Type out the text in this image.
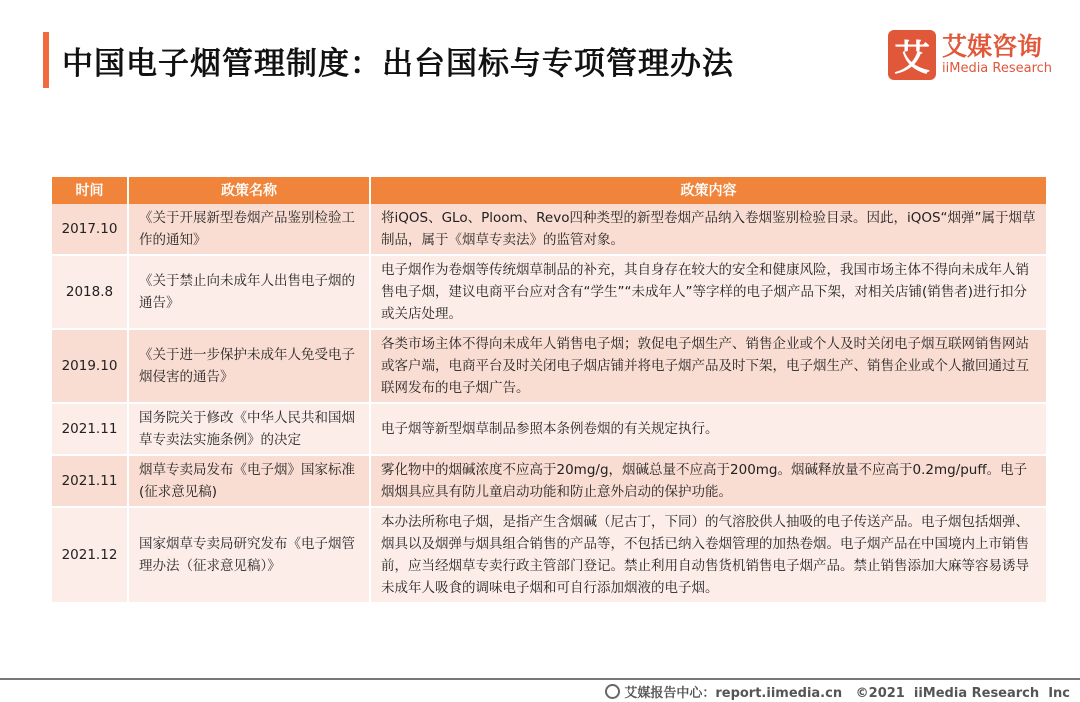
中国电子烟管理制度：出台国标与专项管理办法	艾 艾媒咨询
iiMedia Research
时间	政策名称	政策内容
2017.10	《关于开展新型卷烟产品鉴别检验工作的通知》	将iQOS、GLo、Ploom、Revo四种类型的新型卷烟产品纳入卷烟鉴别检验目录。因此，iQOS“烟弹”属于烟草制品，属于《烟草专卖法》的监管对象。
2018.8	《关于禁止向未成年人出售电子烟的通告》	电子烟作为卷烟等传统烟草制品的补充，其自身存在较大的安全和健康风险，我国市场主体不得向未成年人销售电子烟，建议电商平台应对含有“学生”“未成年人”等字样的电子烟产品下架，对相关店铺(销售者)进行扣分或关店处理。
2019.10	《关于进一步保护未成年人免受电子烟侵害的通告》	各类市场主体不得向未成年人销售电子烟；敦促电子烟生产、销售企业或个人及时关闭电子烟互联网销售网站或客户端，电商平台及时关闭电子烟店铺并将电子烟产品及时下架，电子烟生产、销售企业或个人撤回通过互联网发布的电子烟广告。
2021.11	国务院关于修改《中华人民共和国烟草专卖法实施条例》的决定	电子烟等新型烟草制品参照本条例卷烟的有关规定执行。
2021.11	烟草专卖局发布《电子烟》国家标准(征求意见稿)	雾化物中的烟碱浓度不应高于20mg/g，烟碱总量不应高于200mg。烟碱释放量不应高于0.2mg/puff。电子烟烟具应具有防儿童启动功能和防止意外启动的保护功能。
2021.12	国家烟草专卖局研究发布《电子烟管理办法（征求意见稿）》	本办法所称电子烟，是指产生含烟碱（尼古丁，下同）的气溶胶供人抽吸的电子传送产品。电子烟包括烟弹、烟具以及烟弹与烟具组合销售的产品等，不包括已纳入卷烟管理的加热卷烟。电子烟产品在中国境内上市销售前，应当经烟草专卖行政主管部门登记。禁止利用自动售货机销售电子烟产品。禁止销售添加大麻等容易诱导未成年人吸食的调味电子烟和可自行添加烟液的电子烟。
艾媒报告中心：report.iimedia.cn   ©2021  iiMedia Research  Inc
